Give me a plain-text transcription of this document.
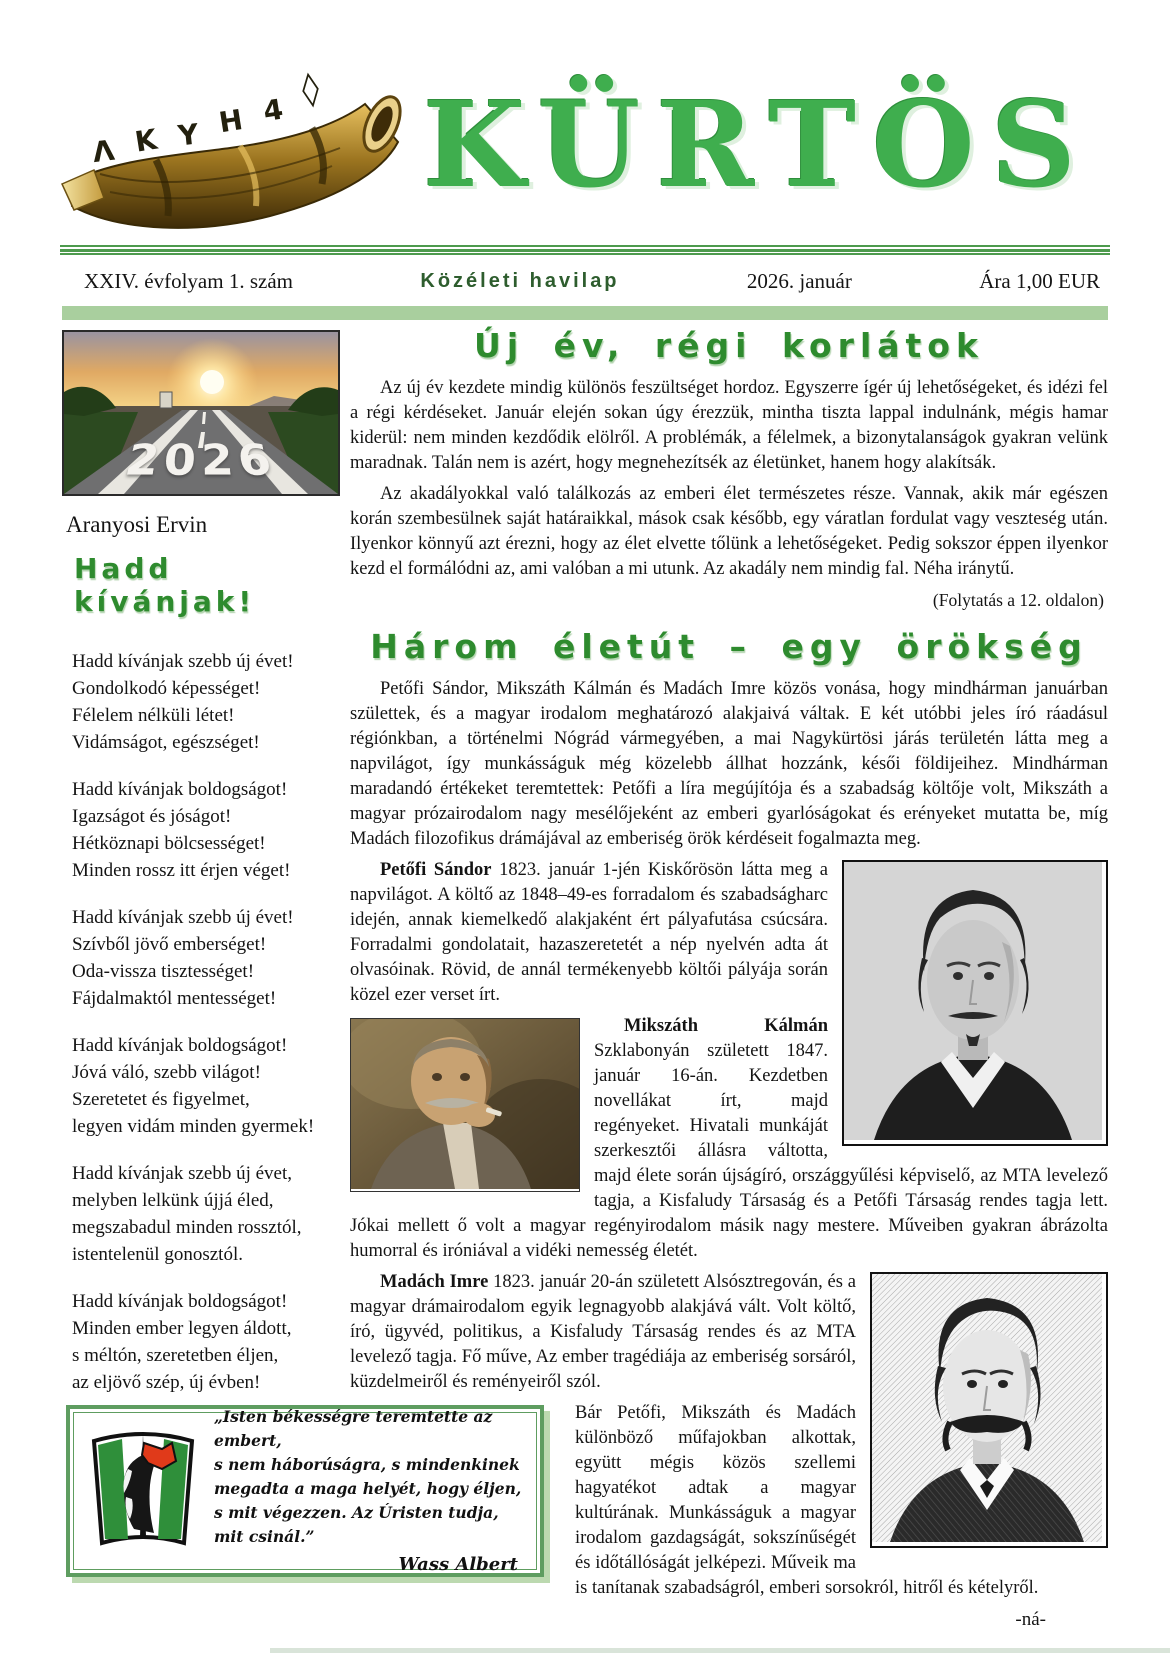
Λ K Y H 4◊ KÜRTÖS
XXIV. évfolyam 1. szám	Közéleti havilap	2026. január	Ára 1,00 EUR
2026
Aranyosi Ervin
Hadd kívánjak!
Hadd kívánjak szebb új évet!
Gondolkodó képességet!
Félelem nélküli létet!
Vidámságot, egészséget!
Hadd kívánjak boldogságot!
Igazságot és jóságot!
Hétköznapi bölcsességet!
Minden rossz itt érjen véget!
Hadd kívánjak szebb új évet!
Szívből jövő emberséget!
Oda-vissza tisztességet!
Fájdalmaktól mentességet!
Hadd kívánjak boldogságot!
Jóvá váló, szebb világot!
Szeretetet és figyelmet,
legyen vidám minden gyermek!
Hadd kívánjak szebb új évet,
melyben lelkünk újjá éled,
megszabadul minden rossztól,
istentelenül gonosztól.
Hadd kívánjak boldogságot!
Minden ember legyen áldott,
s méltón, szeretetben éljen,
az eljövő szép, új évben!
Új év, régi korlátok

Az új év kezdete mindig különös feszültséget hordoz. Egyszerre ígér új lehetőségeket, és idézi fel a régi kérdéseket. Január elején sokan úgy érezzük, mintha tiszta lappal indulnánk, mégis hamar kiderül: nem minden kezdődik elölről. A problémák, a félelmek, a bizonytalanságok gyakran velünk maradnak. Talán nem is azért, hogy megnehezítsék az életünket, hanem hogy alakítsák.

Az akadályokkal való találkozás az emberi élet természetes része. Vannak, akik már egészen korán szembesülnek saját határaikkal, mások csak később, egy váratlan fordulat vagy veszteség után. Ilyenkor könnyű azt érezni, hogy az élet elvette tőlünk a lehetőségeket. Pedig sokszor éppen ilyenkor kezd el formálódni az, ami valóban a mi utunk. Az akadály nem mindig fal. Néha iránytű.

(Folytatás a 12. oldalon)
Három életút – egy örökség

Petőfi Sándor, Mikszáth Kálmán és Madách Imre közös vonása, hogy mindhárman januárban születtek, és a magyar irodalom meghatározó alakjaivá váltak. E két utóbbi jeles író ráadásul régiónkban, a történelmi Nógrád vármegyében, a mai Nagykürtösi járás területén látta meg a napvilágot, így munkásságuk még közelebb állhat hozzánk, késői földijeihez. Mindhárman maradandó értékeket teremtettek: Petőfi a líra megújítója és a szabadság költője volt, Mikszáth a magyar prózairodalom nagy mesélőjeként az emberi gyarlóságokat és erényeket mutatta be, míg Madách filozofikus drámájával az emberiség örök kérdéseit fogalmazta meg.

Petőfi Sándor 1823. január 1-jén Kiskőrösön látta meg a napvilágot. A költő az 1848–49-es forradalom és szabadságharc idején, annak kiemelkedő alakjaként ért pályafutása csúcsára. Forradalmi gondolatait, hazaszeretetét a nép nyelvén adta át olvasóinak. Rövid, de annál termékenyebb költői pályája során közel ezer verset írt.

Mikszáth Kálmán Szklabonyán született 1847. január 16-án. Kezdetben novellákat írt, majd regényeket. Hivatali munkáját szerkesztői állásra váltotta, majd élete során újságíró, országgyűlési képviselő, az MTA levelező tagja, a Kisfaludy Társaság és a Petőfi Társaság rendes tagja lett. Jókai mellett ő volt a magyar regényirodalom másik nagy mestere. Műveiben gyakran ábrázolta humorral és iróniával a vidéki nemesség életét.

Madách Imre 1823. január 20-án született Alsósztregován, és a magyar drámairodalom egyik legnagyobb alakjává vált. Volt költő, író, ügyvéd, politikus, a Kisfaludy Társaság rendes és az MTA levelező tagja. Fő műve, Az ember tragédiája az emberiség sorsáról, küzdelmeiről és reményeiről szól.

Bár Petőfi, Mikszáth és Madách különböző műfajokban alkottak, együtt mégis közös szellemi hagyatékot adtak a magyar kultúrának. Munkásságuk a magyar irodalom gazdagságát, sokszínűségét és időtállóságát jelképezi. Műveik ma is tanítanak szabadságról, emberi sorsokról, hitről és kételyről.

-ná-
„Isten békességre teremtette az embert,
s nem háborúságra, s mindenkinek
megadta a maga helyét, hogy éljen,
s mit végezzen. Az Úristen tudja,
mit csinál.”
Wass Albert
